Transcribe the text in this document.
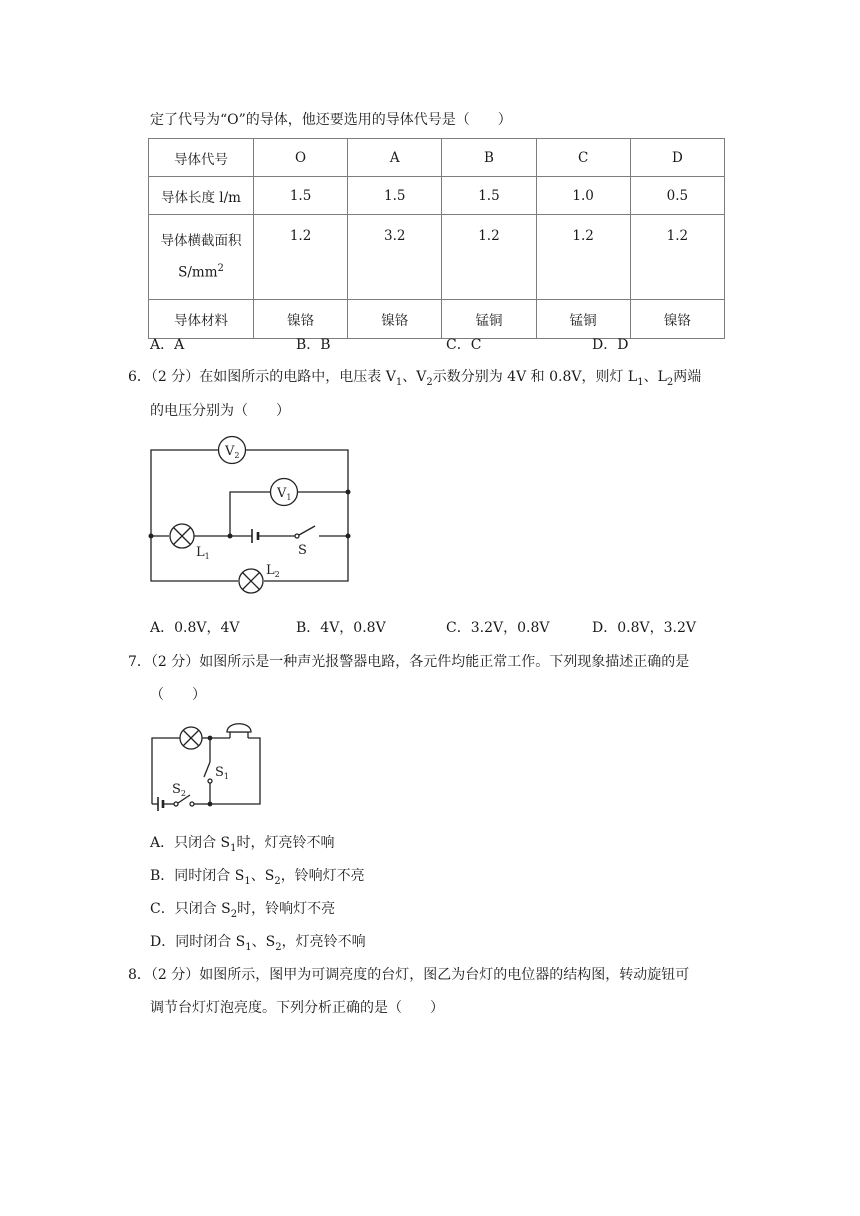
定了代号为“O”的导体，他还要选用的导体代号是（　　）
导体代号	O	A	B	C	D
导体长度 l/m	1.5	1.5	1.5	1.0	0.5

导体横截面积
$S/mm^2$	1.2	3.2	1.2	1.2	1.2
导体材料	镍铬	镍铬	锰铜	锰铜	镍铬
A．A	B．B	C．C	D．D
6．（2 分）在如图所示的电路中，电压表 $V_1$、$V_2$示数分别为 4V 和 0.8V，则灯 $L_1$、$L_2$两端
的电压分别为（　　）
$V_2$
$V_1$
$L_1$
$L_2$
S
A．0.8V，4V	B．4V，0.8V	C．3.2V，0.8V	D．0.8V，3.2V
7．（2 分）如图所示是一种声光报警器电路，各元件均能正常工作。下列现象描述正确的是
（　　）
$S_1$
$S_2$
A．只闭合 $S_1$时，灯亮铃不响
B．同时闭合 $S_1$、$S_2$，铃响灯不亮
C．只闭合 $S_2$时，铃响灯不亮
D．同时闭合 $S_1$、$S_2$，灯亮铃不响
8．（2 分）如图所示，图甲为可调亮度的台灯，图乙为台灯的电位器的结构图，转动旋钮可
调节台灯灯泡亮度。下列分析正确的是（　　）
